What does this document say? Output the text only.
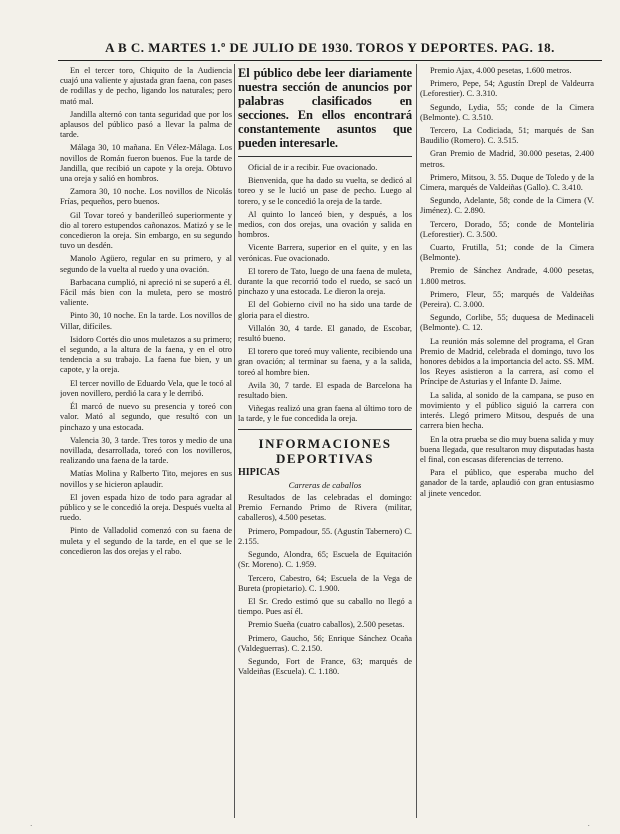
A B C. MARTES 1.º DE JULIO DE 1930. TOROS Y DEPORTES. PAG. 18.

En el tercer toro, Chiquito de la Audiencia cuajó una valiente y ajustada gran faena, con pases de rodillas y de pecho, ligando los naturales; pero mató mal.

Jandilla alternó con tanta seguridad que por los aplausos del público pasó a llevar la palma de tarde.

Málaga 30, 10 mañana. En Vélez-Málaga. Los novillos de Román fueron buenos. Fue la tarde de Jandilla, que recibió un capote y la oreja. Obtuvo una oreja y salió en hombros.

Zamora 30, 10 noche. Los novillos de Nicolás Frías, pequeños, pero buenos.

Gil Tovar toreó y banderilleó superiormente y dio al torero estupendos cañonazos. Matizó y se le concedieron la oreja. Sin embargo, en su segundo tuvo un desdén.

Manolo Agüero, regular en su primero, y al segundo de la vuelta al ruedo y una ovación.

Barbacana cumplió, ni apreció ni se superó a él. Fácil más bien con la muleta, pero se mostró valiente.

Pinto 30, 10 noche. En la tarde. Los novillos de Villar, difíciles.

Isidoro Cortés dio unos muletazos a su primero; el segundo, a la altura de la faena, y en el otro tendencia a su trabajo. La faena fue bien, y un capote, y la oreja.

El tercer novillo de Eduardo Vela, que le tocó al joven novillero, perdió la cara y le derribó.

Él marcó de nuevo su presencia y toreó con valor. Mató al segundo, que resultó con un pinchazo y una estocada.

Valencia 30, 3 tarde. Tres toros y medio de una novillada, desarrollada, toreó con los novilleros, realizando una faena de la tarde.

Matías Molina y Ralberto Tito, mejores en sus novillos y se hicieron aplaudir.

El joven espada hizo de todo para agradar al público y se le concedió la oreja. Después vuelta al ruedo.

Pinto de Valladolid comenzó con su faena de muleta y el segundo de la tarde, en el que se le concedieron las dos orejas y el rabo.

El público debe leer diariamente nuestra sección de anuncios por palabras clasificados en secciones. En ellos encontrará constantemente asuntos que pueden interesarle.

Oficial de ir a recibir. Fue ovacionado.

Bienvenida, que ha dado su vuelta, se dedicó al toreo y se le lució un pase de pecho. Luego al torero, y se le concedió la oreja de la tarde.

Al quinto lo lanceó bien, y después, a los medios, con dos orejas, una ovación y salida en hombros.

Vicente Barrera, superior en el quite, y en las verónicas. Fue ovacionado.

El torero de Tato, luego de una faena de muleta, durante la que recorrió todo el ruedo, se sacó un pinchazo y una estocada. Le dieron la oreja.

El del Gobierno civil no ha sido una tarde de gloria para el diestro.

Villalón 30, 4 tarde. El ganado, de Escobar, resultó bueno.

El torero que toreó muy valiente, recibiendo una gran ovación; al terminar su faena, y a la salida, toreó al hombre bien.

Avila 30, 7 tarde. El espada de Barcelona ha resultado bien.

Viñegas realizó una gran faena al último toro de la tarde, y le fue concedida la oreja.

INFORMACIONES DEPORTIVAS
HIPICAS
Carreras de caballos

Resultados de las celebradas el domingo: Premio Fernando Primo de Rivera (militar, caballeros), 4.500 pesetas.

Primero, Pompadour, 55. (Agustín Tabernero) C. 2.155.

Segundo, Alondra, 65; Escuela de Equitación (Sr. Moreno). C. 1.959.

Tercero, Cabestro, 64; Escuela de la Vega de Bureta (propietario). C. 1.900.

El Sr. Credo estimó que su caballo no llegó a tiempo. Pues así él.

Premio Sueña (cuatro caballos), 2.500 pesetas.

Primero, Gaucho, 56; Enrique Sánchez Ocaña (Valdeguerras). C. 2.150.

Segundo, Fort de France, 63; marqués de Valdeiñas (Escuela). C. 1.180.

Premio Ajax, 4.000 pesetas, 1.600 metros.

Primero, Pepe, 54; Agustín Drepl de Valdeurra (Leforestier). C. 3.310.

Segundo, Lydia, 55; conde de la Cimera (Belmonte). C. 3.510.

Tercero, La Codiciada, 51; marqués de San Baudilio (Romero). C. 3.515.

Gran Premio de Madrid, 30.000 pesetas, 2.400 metros.

Primero, Mitsou, 3. 55. Duque de Toledo y de la Cimera, marqués de Valdeiñas (Gallo). C. 3.410.

Segundo, Adelante, 58; conde de la Cimera (V. Jiménez). C. 2.890.

Tercero, Dorado, 55; conde de Monteliria (Leforestier). C. 3.500.

Cuarto, Frutilla, 51; conde de la Cimera (Belmonte).

Premio de Sánchez Andrade, 4.000 pesetas, 1.800 metros.

Primero, Fleur, 55; marqués de Valdeiñas (Pereira). C. 3.000.

Segundo, Corlibe, 55; duquesa de Medinaceli (Belmonte). C. 12.

La reunión más solemne del programa, el Gran Premio de Madrid, celebrada el domingo, tuvo los honores debidos a la importancia del acto. SS. MM. los Reyes asistieron a la carrera, así como el Príncipe de Asturias y el Infante D. Jaime.

La salida, al sonido de la campana, se puso en movimiento y el público siguió la carrera con interés. Llegó primero Mitsou, después de una carrera bien hecha.

En la otra prueba se dio muy buena salida y muy buena llegada, que resultaron muy disputadas hasta el final, con escasas diferencias de terreno.

Para el público, que esperaba mucho del ganador de la tarde, aplaudió con gran entusiasmo al jinete vencedor.

·	·
